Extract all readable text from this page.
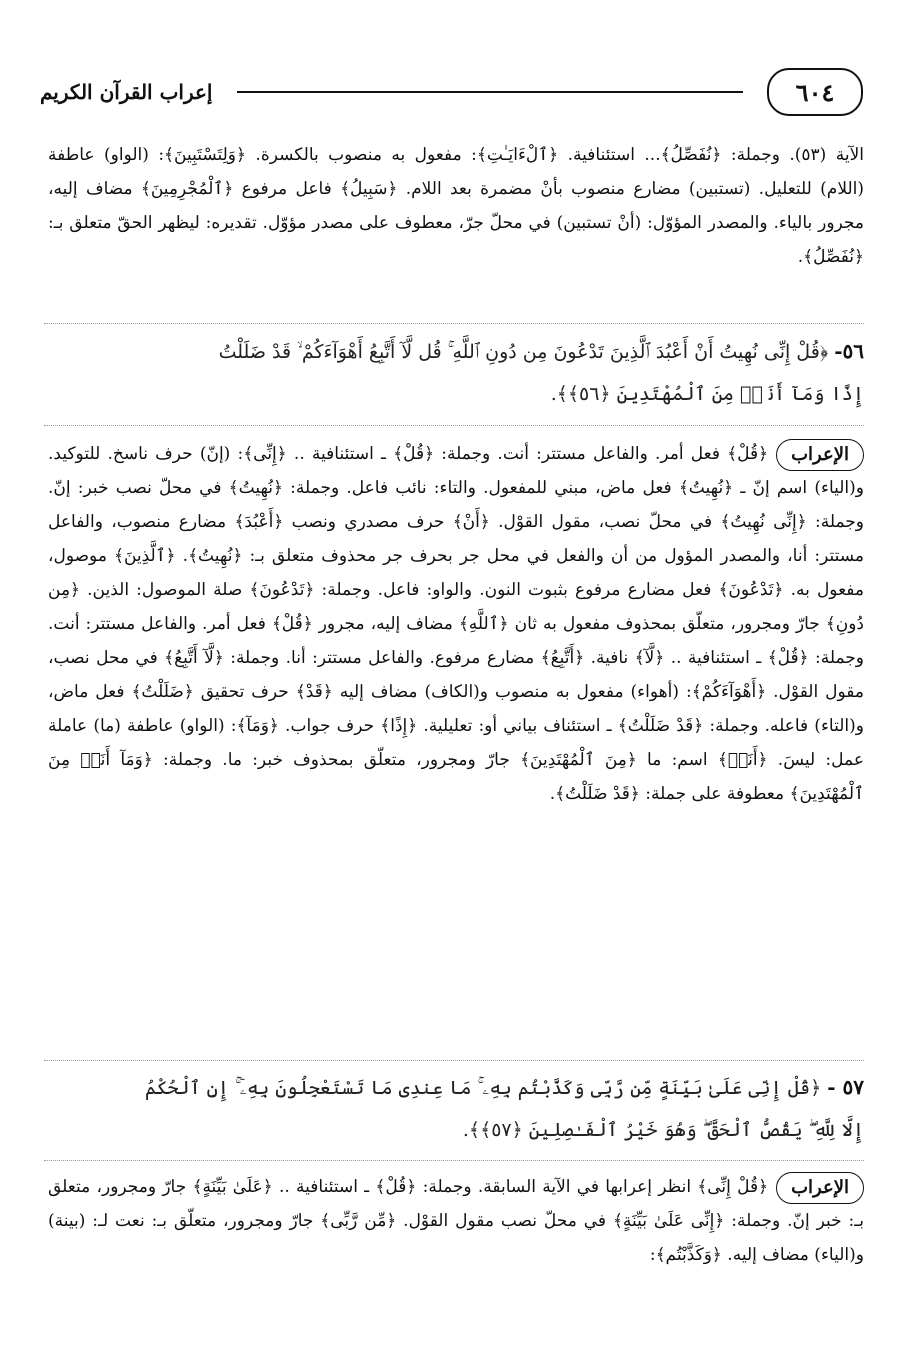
٦٠٤
إعراب القرآن الكريم

الآية (٥٣). وجملة: ﴿نُفَصِّلُ﴾... استئنافية. ﴿ٱلْءَايَـٰتِ﴾: مفعول به منصوب بالكسرة. ﴿وَلِتَسْتَبِينَ﴾: (الواو) عاطفة (اللام) للتعليل. (تستبين) مضارع منصوب بأنْ مضمرة بعد اللام. ﴿سَبِيلُ﴾ فاعل مرفوع ﴿ٱلْمُجْرِمِينَ﴾ مضاف إليه، مجرور بالياء. والمصدر المؤوّل: (أنْ تستبين) في محلّ جرّ، معطوف على مصدر مؤوّل. تقديره: ليظهر الحقّ متعلق بـ: ﴿نُفَصِّلُ﴾.

٥٦-﴿قُلْ إِنِّى نُهِيتُ أَنْ أَعْبُدَ ٱلَّذِينَ تَدْعُونَ مِن دُونِ ٱللَّهِ ۚ قُل لَّآ أَتَّبِعُ أَهْوَآءَكُمْ ۙ قَدْ ضَلَلْتُ

إِذًا وَمَآ أَنَا۠ مِنَ ٱلْمُهْتَدِينَ ﴿٥٦﴾﴾.

الإعراب﴿قُلْ﴾ فعل أمر. والفاعل مستتر: أنت. وجملة: ﴿قُلْ﴾ ـ استئنافية .. ﴿إِنِّى﴾: (إنّ) حرف ناسخ. للتوكيد. و(الياء) اسم إنّ ـ ﴿نُهِيتُ﴾ فعل ماض، مبني للمفعول. والتاء: نائب فاعل. وجملة: ﴿نُهِيتُ﴾ في محلّ نصب خبر: إنّ. وجملة: ﴿إِنِّى نُهِيتُ﴾ في محلّ نصب، مقول القوْل. ﴿أَنْ﴾ حرف مصدري ونصب ﴿أَعْبُدَ﴾ مضارع منصوب، والفاعل مستتر: أنا، والمصدر المؤول من أن والفعل في محل جر بحرف جر محذوف متعلق بـ: ﴿نُهِيتُ﴾. ﴿ٱلَّذِينَ﴾ موصول، مفعول به. ﴿تَدْعُونَ﴾ فعل مضارع مرفوع بثبوت النون. والواو: فاعل. وجملة: ﴿تَدْعُونَ﴾ صلة الموصول: الذين. ﴿مِن دُونِ﴾ جارّ ومجرور، متعلّق بمحذوف مفعول به ثان ﴿ٱللَّهِ﴾ مضاف إليه، مجرور ﴿قُلْ﴾ فعل أمر. والفاعل مستتر: أنت. وجملة: ﴿قُلْ﴾ ـ استئنافية .. ﴿لَّآ﴾ نافية. ﴿أَتَّبِعُ﴾ مضارع مرفوع. والفاعل مستتر: أنا. وجملة: ﴿لَّآ أَتَّبِعُ﴾ في محل نصب، مقول القوْل. ﴿أَهْوَآءَكُمْ﴾: (أهواء) مفعول به منصوب و(الكاف) مضاف إليه ﴿قَدْ﴾ حرف تحقيق ﴿ضَلَلْتُ﴾ فعل ماض، و(التاء) فاعله. وجملة: ﴿قَدْ ضَلَلْتُ﴾ ـ استئناف بياني أو: تعليلية. ﴿إِذًا﴾ حرف جواب. ﴿وَمَآ﴾: (الواو) عاطفة (ما) عاملة عمل: ليسَ. ﴿أَنَا۠﴾ اسم: ما ﴿مِنَ ٱلْمُهْتَدِينَ﴾ جارّ ومجرور، متعلّق بمحذوف خبر: ما. وجملة: ﴿وَمَآ أَنَا۠ مِنَ ٱلْمُهْتَدِينَ﴾ معطوفة على جملة: ﴿قَدْ ضَلَلْتُ﴾.

٥٧ -﴿قُلْ إِنِّى عَلَىٰ بَيِّنَةٍ مِّن رَّبِّى وَكَذَّبْتُم بِهِۦ ۚ مَا عِندِى مَا تَسْتَعْجِلُونَ بِهِۦٓ ۚ إِنِ ٱلْحُكْمُ

إِلَّا لِلَّهِ ۖ يَقُصُّ ٱلْحَقَّ ۖ وَهُوَ خَيْرُ ٱلْفَـٰصِلِينَ ﴿٥٧﴾﴾.

الإعراب﴿قُلْ إِنِّى﴾ انظر إعرابها في الآية السابقة. وجملة: ﴿قُلْ﴾ ـ استئنافية .. ﴿عَلَىٰ بَيِّنَةٍ﴾ جارّ ومجرور، متعلق بـ: خبر إنّ. وجملة: ﴿إِنِّى عَلَىٰ بَيِّنَةٍ﴾ في محلّ نصب مقول القوْل. ﴿مِّن رَّبِّى﴾ جارّ ومجرور، متعلّق بـ: نعت لـ: (بينة) و(الياء) مضاف إليه. ﴿وَكَذَّبْتُم﴾:
